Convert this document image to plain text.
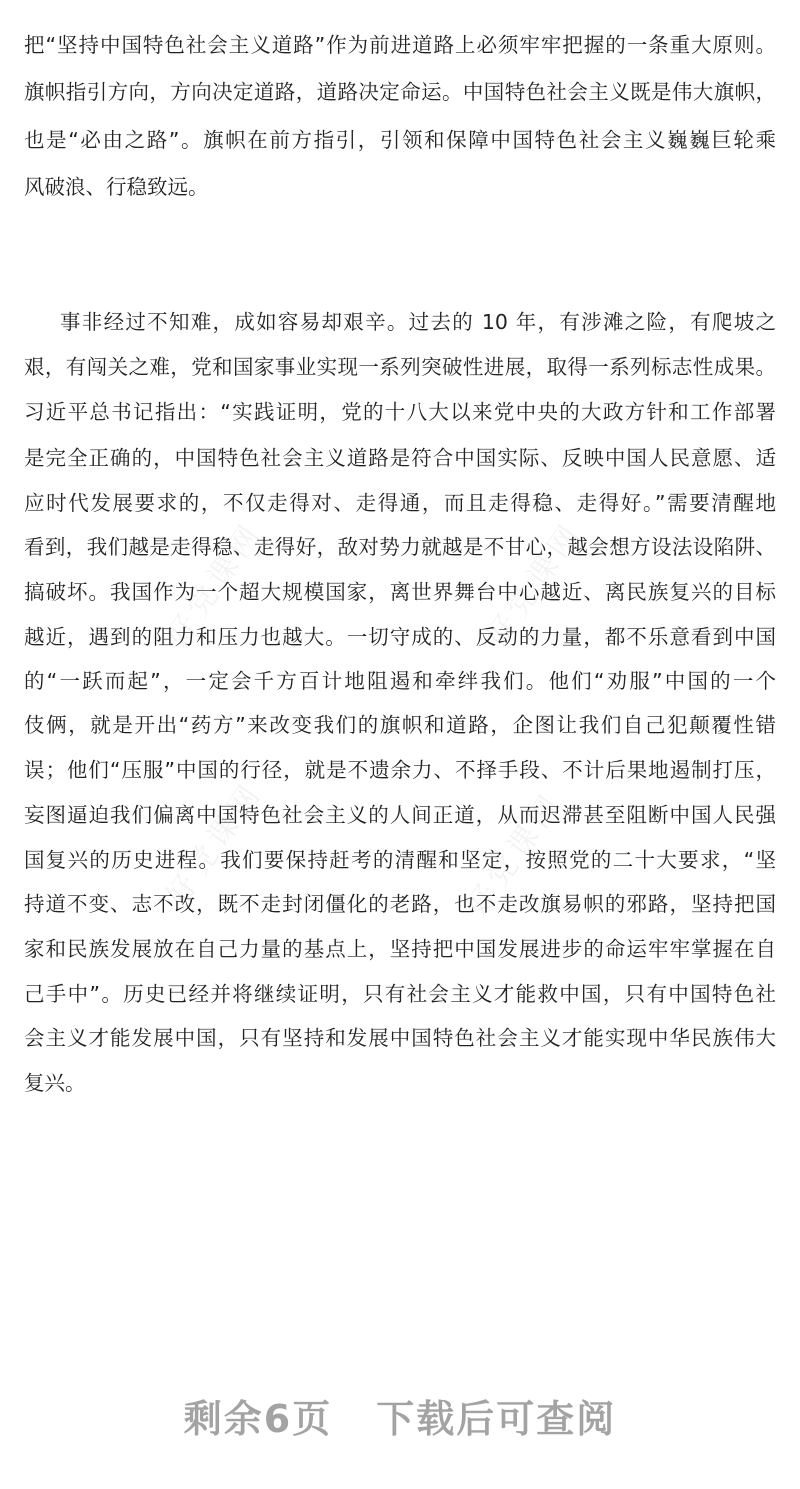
好党课网	好党课网
好党课网	好党课网
把“坚持中国特色社会主义道路”作为前进道路上必须牢牢把握的一条重大原则。
旗帜指引方向，方向决定道路，道路决定命运。中国特色社会主义既是伟大旗帜，
也是“必由之路”。旗帜在前方指引，引领和保障中国特色社会主义巍巍巨轮乘
风破浪、行稳致远。
事非经过不知难，成如容易却艰辛。过去的 10 年，有涉滩之险，有爬坡之
艰，有闯关之难，党和国家事业实现一系列突破性进展，取得一系列标志性成果。
习近平总书记指出：“实践证明，党的十八大以来党中央的大政方针和工作部署
是完全正确的，中国特色社会主义道路是符合中国实际、反映中国人民意愿、适
应时代发展要求的，不仅走得对、走得通，而且走得稳、走得好。”需要清醒地
看到，我们越是走得稳、走得好，敌对势力就越是不甘心，越会想方设法设陷阱、
搞破坏。我国作为一个超大规模国家，离世界舞台中心越近、离民族复兴的目标
越近，遇到的阻力和压力也越大。一切守成的、反动的力量，都不乐意看到中国
的“一跃而起”，一定会千方百计地阻遏和牵绊我们。他们“劝服”中国的一个
伎俩，就是开出“药方”来改变我们的旗帜和道路，企图让我们自己犯颠覆性错
误；他们“压服”中国的行径，就是不遗余力、不择手段、不计后果地遏制打压，
妄图逼迫我们偏离中国特色社会主义的人间正道，从而迟滞甚至阻断中国人民强
国复兴的历史进程。我们要保持赶考的清醒和坚定，按照党的二十大要求，“坚
持道不变、志不改，既不走封闭僵化的老路，也不走改旗易帜的邪路，坚持把国
家和民族发展放在自己力量的基点上，坚持把中国发展进步的命运牢牢掌握在自
己手中”。历史已经并将继续证明，只有社会主义才能救中国，只有中国特色社
会主义才能发展中国，只有坚持和发展中国特色社会主义才能实现中华民族伟大
复兴。
剩余6页 下载后可查阅
